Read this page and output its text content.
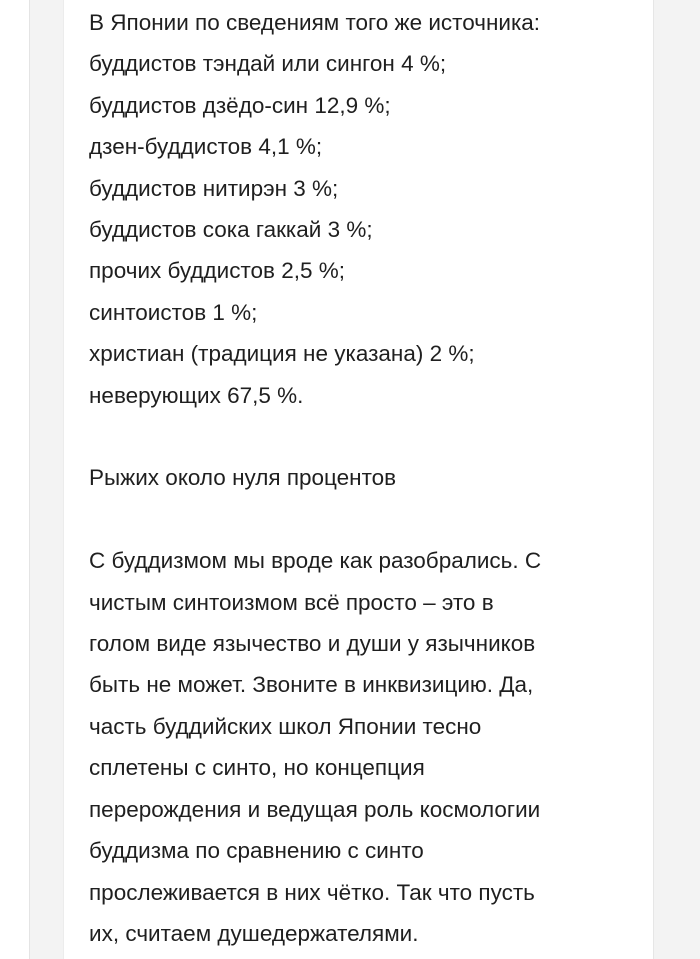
В Японии по сведениям того же источника:
буддистов тэндай или сингон 4 %;
буддистов дзёдо-син 12,9 %;
дзен-буддистов 4,1 %;
буддистов нитирэн 3 %;
буддистов сока гаккай 3 %;
прочих буддистов 2,5 %;
синтоистов 1 %;
христиан (традиция не указана) 2 %;
неверующих 67,5 %.
Рыжих около нуля процентов
С буддизмом мы вроде как разобрались. С
чистым синтоизмом всё просто – это в
голом виде язычество и души у язычников
быть не может. Звоните в инквизицию. Да,
часть буддийских школ Японии тесно
сплетены с синто, но концепция
перерождения и ведущая роль космологии
буддизма по сравнению с синто
прослеживается в них чётко. Так что пусть
их, считаем душедержателями.
